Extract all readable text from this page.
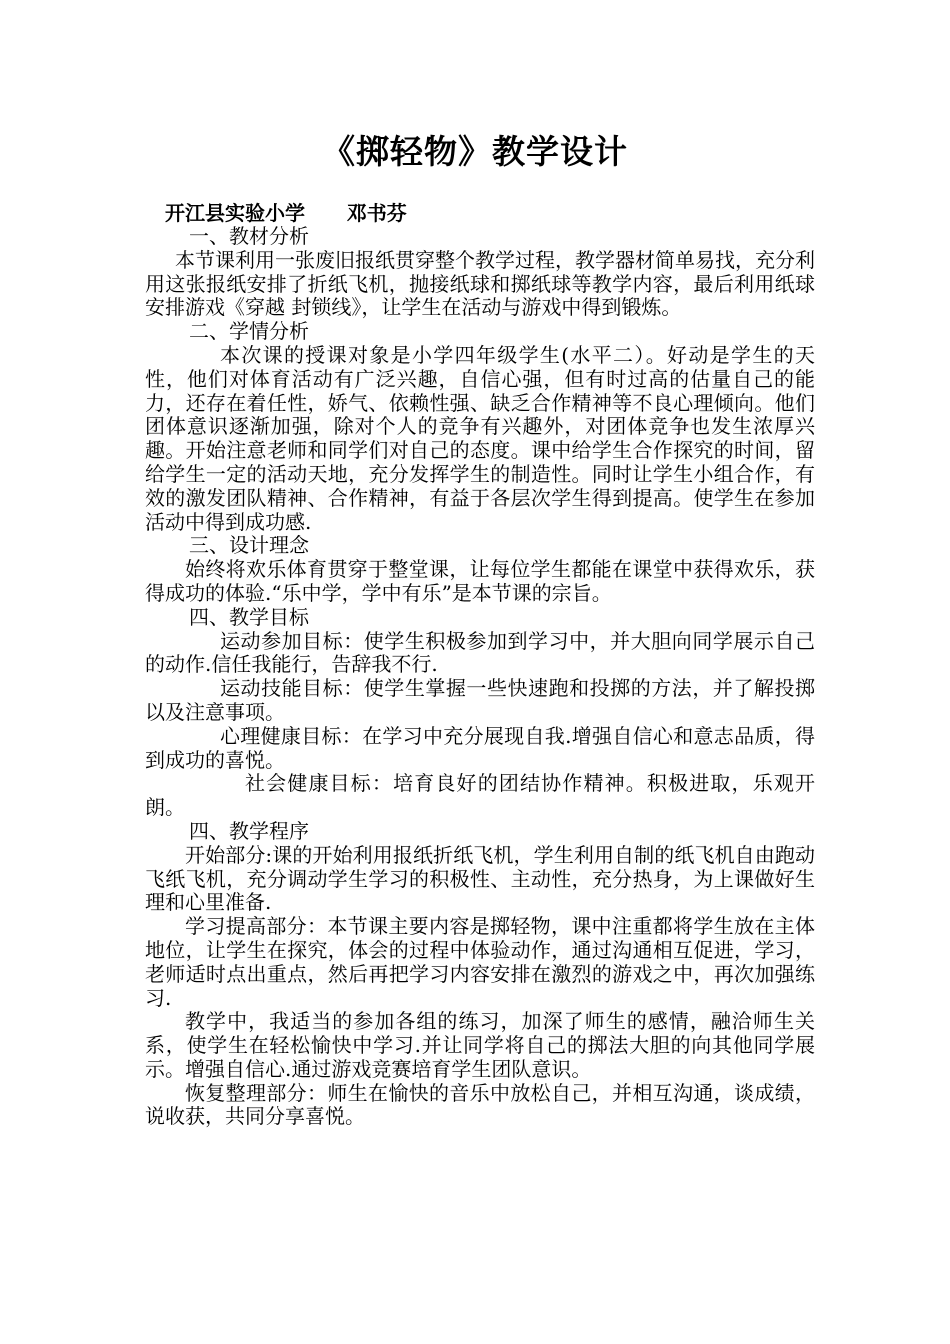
《掷轻物》教学设计
开江县实验小学      邓书芬

一、教材分析

本节课利用一张废旧报纸贯穿整个教学过程，教学器材简单易找，充分利用这张报纸安排了折纸飞机，抛接纸球和掷纸球等教学内容，最后利用纸球安排游戏《穿越 封锁线》，让学生在活动与游戏中得到锻炼。

二、学情分析

本次课的授课对象是小学四年级学生(水平二）。好动是学生的天性，他们对体育活动有广泛兴趣，自信心强，但有时过高的估量自己的能力，还存在着任性，娇气、依赖性强、缺乏合作精神等不良心理倾向。他们团体意识逐渐加强，除对个人的竞争有兴趣外，对团体竞争也发生浓厚兴趣。开始注意老师和同学们对自己的态度。课中给学生合作探究的时间，留给学生一定的活动天地，充分发挥学生的制造性。同时让学生小组合作，有效的激发团队精神、合作精神，有益于各层次学生得到提高。使学生在参加活动中得到成功感.

三、设计理念

始终将欢乐体育贯穿于整堂课，让每位学生都能在课堂中获得欢乐，获得成功的体验.“乐中学，学中有乐”是本节课的宗旨。

四、教学目标

运动参加目标：使学生积极参加到学习中，并大胆向同学展示自己的动作.信任我能行，告辞我不行.

运动技能目标：使学生掌握一些快速跑和投掷的方法，并了解投掷以及注意事项。

心理健康目标：在学习中充分展现自我.增强自信心和意志品质，得到成功的喜悦。

社会健康目标：培育良好的团结协作精神。积极进取，乐观开朗。

四、教学程序

开始部分:课的开始利用报纸折纸飞机，学生利用自制的纸飞机自由跑动飞纸飞机，充分调动学生学习的积极性、主动性，充分热身，为上课做好生理和心里准备.

学习提高部分：本节课主要内容是掷轻物，课中注重都将学生放在主体地位，让学生在探究，体会的过程中体验动作，通过沟通相互促进，学习，老师适时点出重点，然后再把学习内容安排在激烈的游戏之中，再次加强练习.

教学中，我适当的参加各组的练习，加深了师生的感情，融洽师生关系，使学生在轻松愉快中学习.并让同学将自己的掷法大胆的向其他同学展示。增强自信心.通过游戏竞赛培育学生团队意识。

恢复整理部分：师生在愉快的音乐中放松自己，并相互沟通，谈成绩，说收获，共同分享喜悦。
